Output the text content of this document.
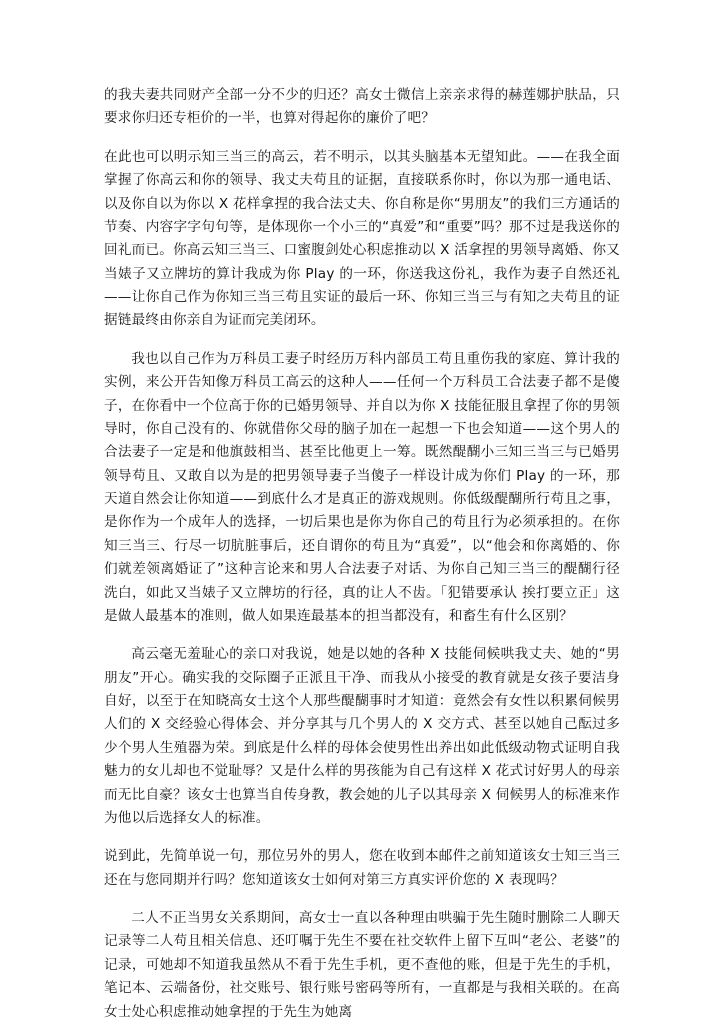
的我夫妻共同财产全部一分不少的归还？高女士微信上亲亲求得的赫莲娜护肤品，只要求你归还专柜价的一半，也算对得起你的廉价了吧？

在此也可以明示知三当三的高云，若不明示，以其头脑基本无望知此。——在我全面掌握了你高云和你的领导、我丈夫苟且的证据，直接联系你时，你以为那一通电话、以及你自以为你以 X 花样拿捏的我合法丈夫、你自称是你“男朋友”的我们三方通话的节奏、内容字字句句等，是体现你一个小三的“真爱”和“重要”吗？那不过是我送你的回礼而已。你高云知三当三、口蜜腹剑处心积虑推动以 X 活拿捏的男领导离婚、你又当婊子又立牌坊的算计我成为你 Play 的一环，你送我这份礼，我作为妻子自然还礼——让你自己作为你知三当三苟且实证的最后一环、你知三当三与有知之夫苟且的证据链最终由你亲自为证而完美闭环。

我也以自己作为万科员工妻子时经历万科内部员工苟且重伤我的家庭、算计我的实例，来公开告知像万科员工高云的这种人——任何一个万科员工合法妻子都不是傻子，在你看中一个位高于你的已婚男领导、并自以为你 X 技能征服且拿捏了你的男领导时，你自己没有的、你就借你父母的脑子加在一起想一下也会知道——这个男人的合法妻子一定是和他旗鼓相当、甚至比他更上一筹。既然醍醐小三知三当三与已婚男领导苟且、又敢自以为是的把男领导妻子当傻子一样设计成为你们 Play 的一环，那天道自然会让你知道——到底什么才是真正的游戏规则。你低级醍醐所行苟且之事，是你作为一个成年人的选择，一切后果也是你为你自己的苟且行为必须承担的。在你知三当三、行尽一切肮脏事后，还自谓你的苟且为“真爱”，以“他会和你离婚的、你们就差领离婚证了”这种言论来和男人合法妻子对话、为你自己知三当三的醍醐行径洗白，如此又当婊子又立牌坊的行径，真的让人不齿。「犯错要承认 挨打要立正」这是做人最基本的准则，做人如果连最基本的担当都没有，和畜生有什么区别？

高云毫无羞耻心的亲口对我说，她是以她的各种 X 技能伺候哄我丈夫、她的“男朋友”开心。确实我的交际圈子正派且干净、而我从小接受的教育就是女孩子要洁身自好，以至于在知晓高女士这个人那些醍醐事时才知道：竟然会有女性以积累伺候男人们的 X 交经验心得体会、并分享其与几个男人的 X 交方式、甚至以她自己酝过多少个男人生殖器为荣。到底是什么样的母体会使男性出养出如此低级动物式证明自我魅力的女儿却也不觉耻辱？又是什么样的男孩能为自己有这样 X 花式讨好男人的母亲而无比自豪？该女士也算当自传身教，教会她的儿子以其母亲 X 伺候男人的标准来作为他以后选择女人的标准。

说到此，先简单说一句，那位另外的男人，您在收到本邮件之前知道该女士知三当三还在与您同期并行吗？您知道该女士如何对第三方真实评价您的 X 表现吗？

二人不正当男女关系期间，高女士一直以各种理由哄骗于先生随时删除二人聊天记录等二人苟且相关信息、还叮嘱于先生不要在社交软件上留下互叫“老公、老婆”的记录，可她却不知道我虽然从不看于先生手机，更不查他的账，但是于先生的手机，笔记本、云端备份，社交账号、银行账号密码等所有，一直都是与我相关联的。在高女士处心积虑推动她拿捏的于先生为她离
